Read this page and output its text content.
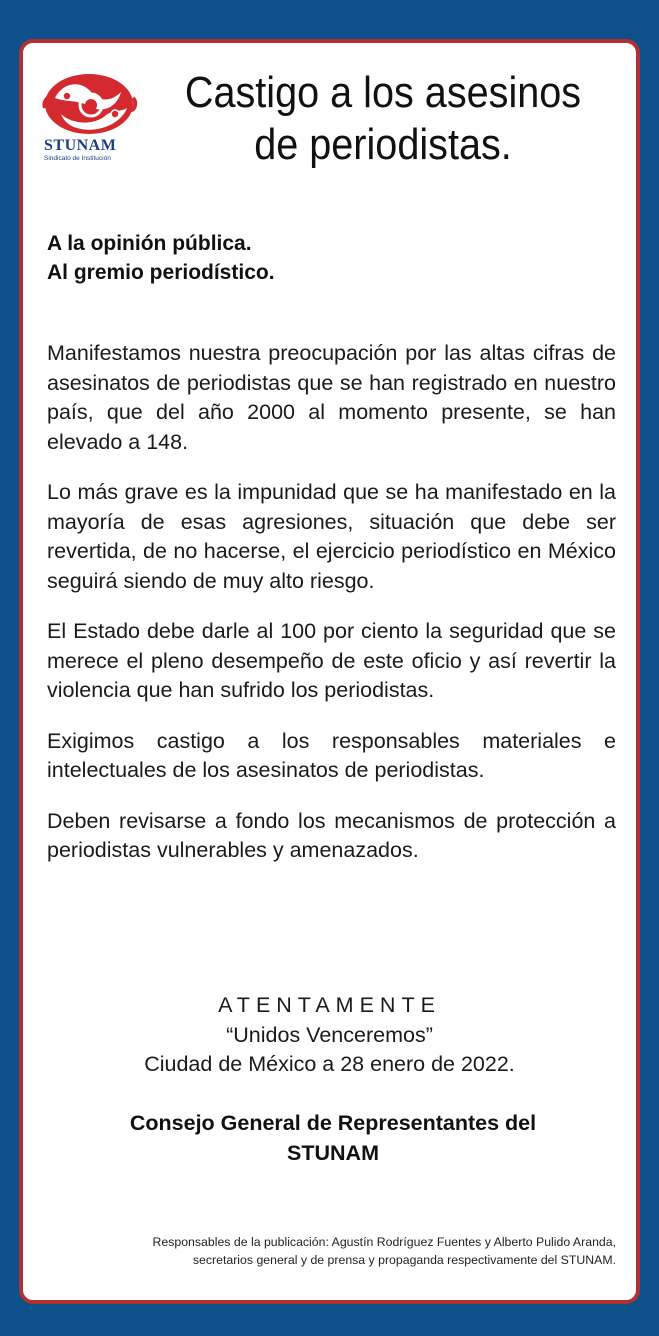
STUNAM
Sindicato de Institución
Castigo a los asesinos
de periodistas.
A la opinión pública.
Al gremio periodístico.

Manifestamos nuestra preocupación por las altas cifras de asesinatos de periodistas que se han registrado en nuestro país, que del año 2000 al momento presente, se han elevado a 148.

Lo más grave es la impunidad que se ha manifestado en la mayoría de esas agresiones, situación que debe ser revertida, de no hacerse, el ejercicio periodístico en México seguirá siendo de muy alto riesgo.

El Estado debe darle al 100 por ciento la seguridad que se merece el pleno desempeño de este oficio y así revertir la violencia que han sufrido los periodistas.

Exigimos castigo a los responsables materiales e intelectuales de los asesinatos de periodistas.

Deben revisarse a fondo los mecanismos de protección a periodistas vulnerables y amenazados.

ATENTAMENTE
“Unidos Venceremos”
Ciudad de México a 28 enero de 2022.
Consejo General de Representantes del
STUNAM
Responsables de la publicación: Agustín Rodríguez Fuentes y Alberto Pulido Aranda,
secretarios general y de prensa y propaganda respectivamente del STUNAM.
